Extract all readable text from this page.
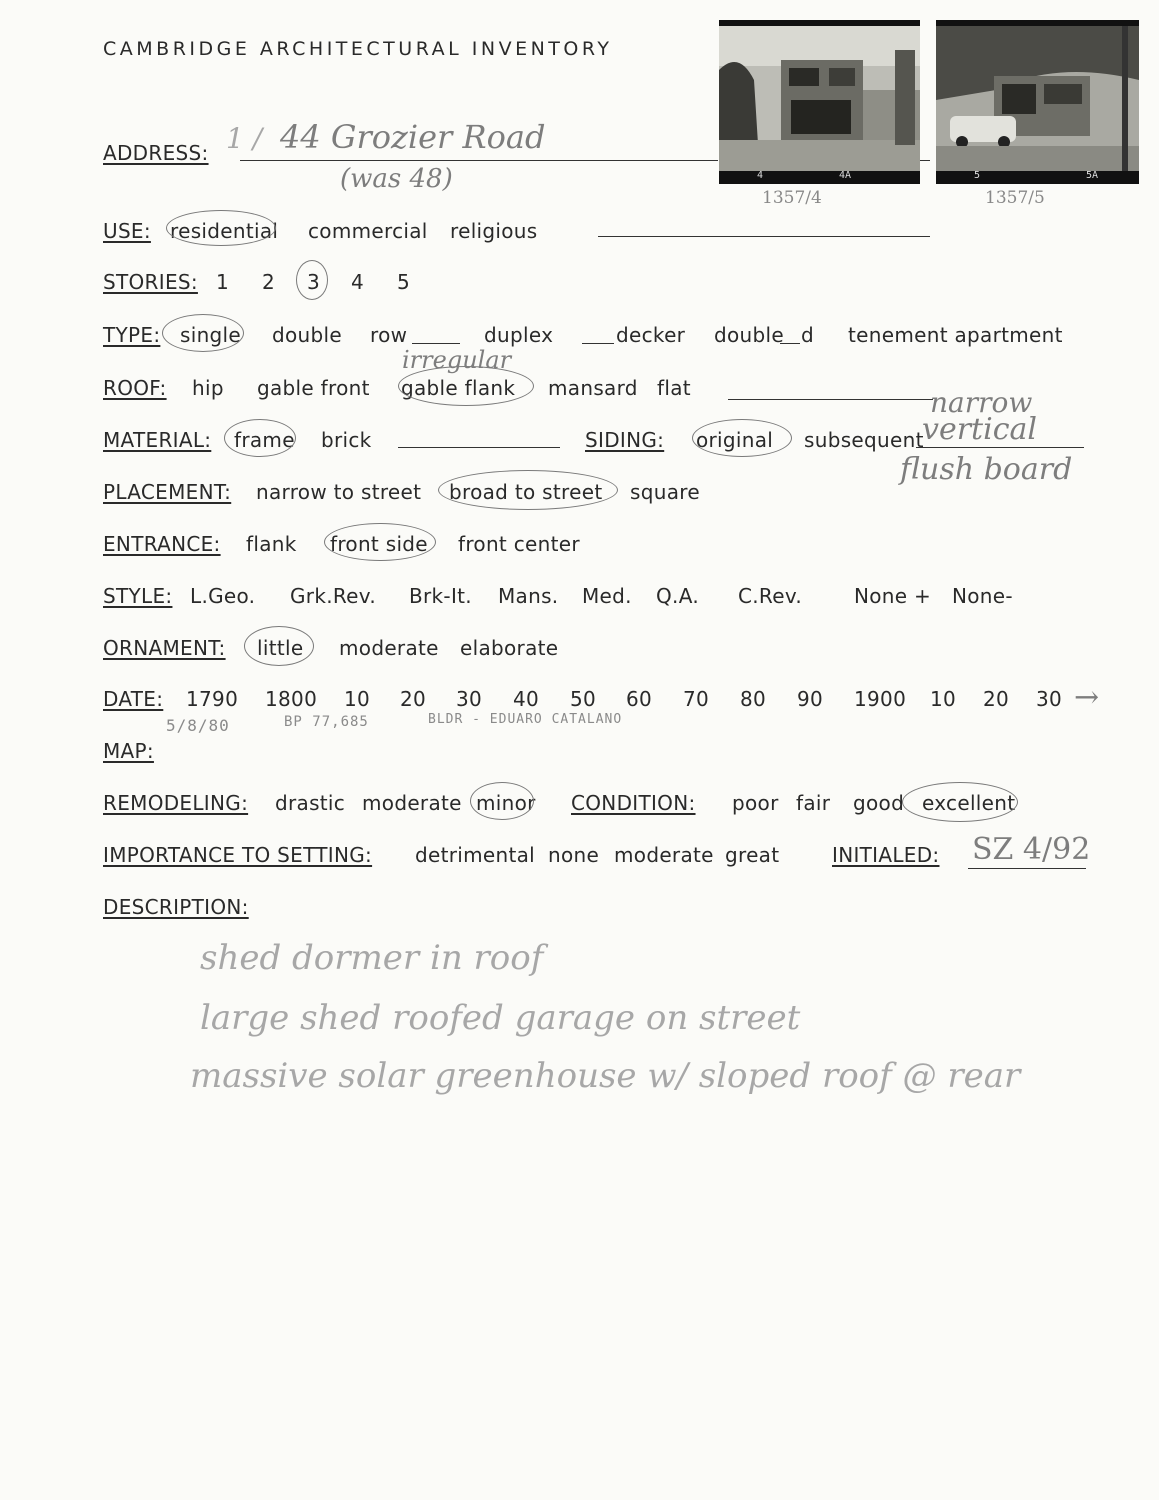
CAMBRIDGE ARCHITECTURAL INVENTORY
4	4A
1357/4
5	5A
1357/5
ADDRESS: 1 / 44 Grozier Road
(was 48)
USE: residential commercial religious
STORIES: 1 2 3 4 5
TYPE: single double row	duplex	decker double d tenement apartment
ROOF: hip gable front gable flank
irregular
mansard flat	narrow
MATERIAL: frame brick	SIDING: original subsequent
vertical
flush board
PLACEMENT: narrow to street broad to street square
ENTRANCE: flank front side front center
STYLE: L.Geo. Grk.Rev. Brk-It. Mans. Med. Q.A. C.Rev.	None + None-
ORNAMENT: little moderate elaborate
DATE: 1790 1800 10 20 30 40 50 60 70 80 90 1900 10 20 30 →
5/8/80	BP 77,685	BLDR - EDUARO CATALANO
MAP:
REMODELING: drastic moderate minor CONDITION: poor fair good excellent
IMPORTANCE TO SETTING: detrimental none moderate great	INITIALED: SZ 4/92
DESCRIPTION:
shed dormer in roof
large shed roofed garage on street
massive solar greenhouse w/ sloped roof @ rear
